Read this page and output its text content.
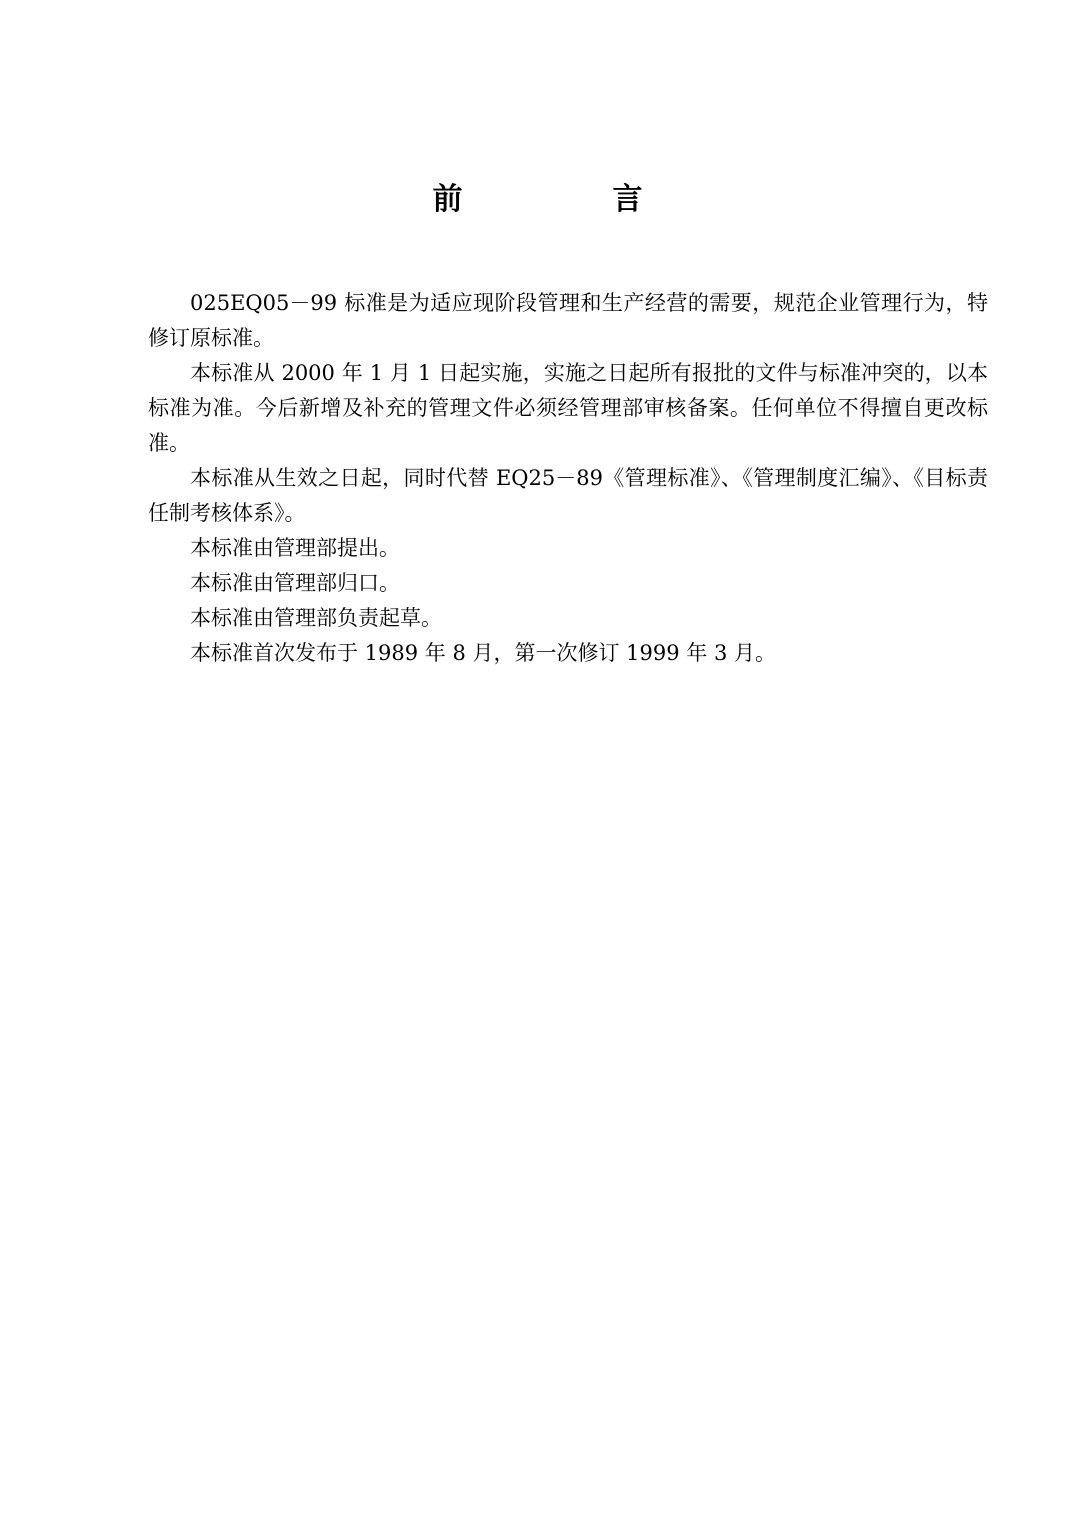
前　言

025EQ05－99 标准是为适应现阶段管理和生产经营的需要，规范企业管理行为，特修订原标准。

本标准从 2000 年 1 月 1 日起实施，实施之日起所有报批的文件与标准冲突的，以本标准为准。今后新增及补充的管理文件必须经管理部审核备案。任何单位不得擅自更改标准。

本标准从生效之日起，同时代替 EQ25－89《管理标准》、《管理制度汇编》、《目标责任制考核体系》。

本标准由管理部提出。

本标准由管理部归口。

本标准由管理部负责起草。

本标准首次发布于 1989 年 8 月，第一次修订 1999 年 3 月。
